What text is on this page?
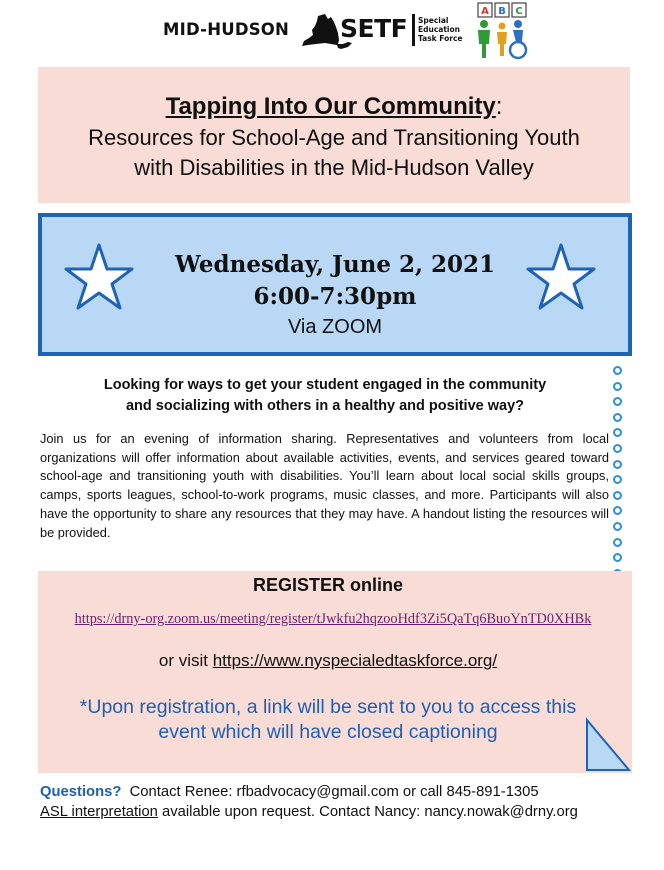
MID-HUDSON SETF Special
Education
Task Force
A B C
Tapping Into Our Community:
Resources for School-Age and Transitioning Youth
with Disabilities in the Mid-Hudson Valley
Wednesday, June 2, 2021
6:00-7:30pm
Via ZOOM
Looking for ways to get your student engaged in the community
and socializing with others in a healthy and positive way?
Join us for an evening of information sharing. Representatives and volunteers from local organizations will offer information about available activities, events, and services geared toward school-age and transitioning youth with disabilities. You’ll learn about local social skills groups, camps, sports leagues, school-to-work programs, music classes, and more. Participants will also have the opportunity to share any resources that they may have. A handout listing the resources will be provided.
REGISTER online
https://drny-org.zoom.us/meeting/register/tJwkfu2hqzooHdf3Zi5QaTq6BuoYnTD0XHBk
or visit https://www.nyspecialedtaskforce.org/
*Upon registration, a link will be sent to you to access this
event which will have closed captioning
Questions?  Contact Renee: rfbadvocacy@gmail.com or call 845-891-1305
ASL interpretation available upon request. Contact Nancy: nancy.nowak@drny.org
